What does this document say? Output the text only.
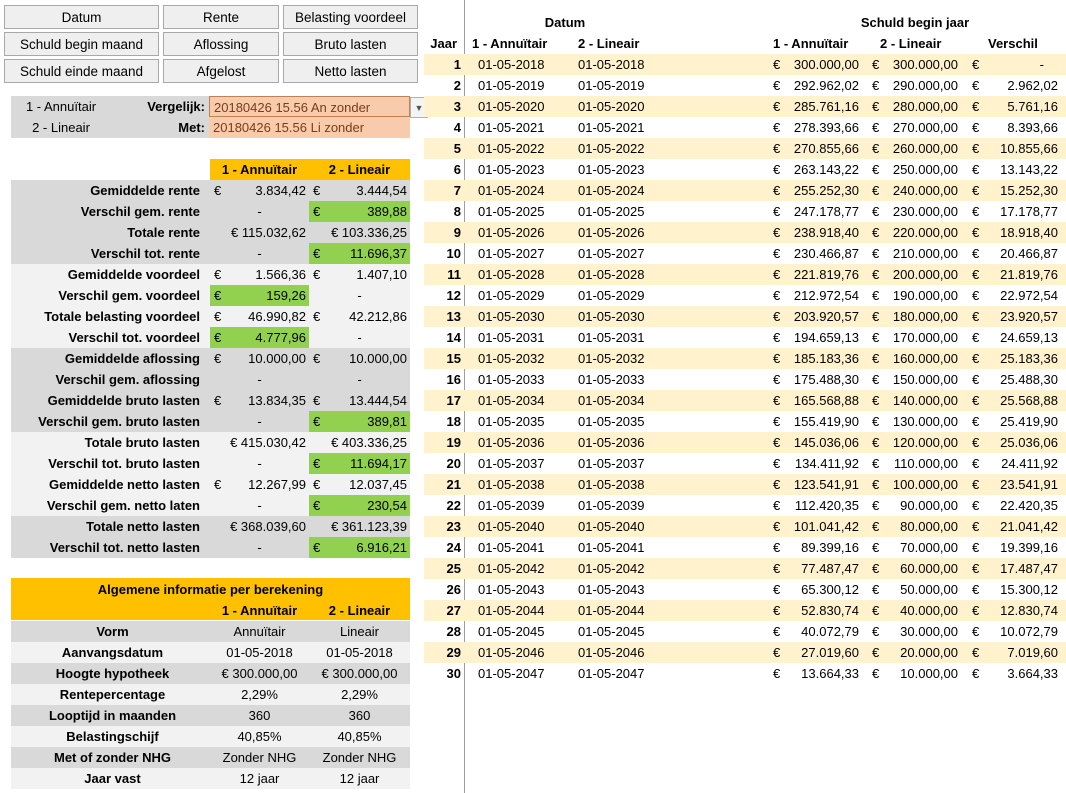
Datum	Rente	Belasting voordeel
Schuld begin maand	Aflossing	Bruto lasten
Schuld einde maand	Afgelost	Netto lasten
1 - Annuïtair
2 - Lineair
Vergelijk:
Met:
20180426 15.56 An zonder	▼
20180426 15.56 Li zonder
1 - Annuïtair	2 - Lineair
Gemiddelde rente	€	3.834,42 €	3.444,54
Verschil gem. rente	-	€	389,88
Totale rente	€ 115.032,62 € 103.336,25
Verschil tot. rente	-	€ 11.696,37
Gemiddelde voordeel	€	1.566,36 €	1.407,10
Verschil gem. voordeel	€	159,26	-
Totale belasting voordeel	€ 46.990,82 € 42.212,86
Verschil tot. voordeel	€	4.777,96	-
Gemiddelde aflossing	€ 10.000,00 € 10.000,00
Verschil gem. aflossing	-	-
Gemiddelde bruto lasten	€ 13.834,35 € 13.444,54
Verschil gem. bruto lasten	-	€	389,81
Totale bruto lasten	€ 415.030,42 € 403.336,25
Verschil tot. bruto lasten	-	€ 11.694,17
Gemiddelde netto lasten	€ 12.267,99 € 12.037,45
Verschil gem. netto laten	-	€	230,54
Totale netto lasten	€ 368.039,60 € 361.123,39
Verschil tot. netto lasten	-	€	6.916,21
Algemene informatie per berekening
1 - Annuïtair	2 - Lineair
Vorm	Annuïtair	Lineair
Aanvangsdatum	01-05-2018	01-05-2018
Hoogte hypotheek	€ 300.000,00	€ 300.000,00
Rentepercentage	2,29%	2,29%
Looptijd in maanden	360	360
Belastingschijf	40,85%	40,85%
Met of zonder NHG	Zonder NHG	Zonder NHG
Jaar vast	12 jaar	12 jaar
Datum	Schuld begin jaar
Jaar 1 - Annuïtair	2 - Lineair	1 - Annuïtair	2 - Lineair	Verschil
1 01-05-2018	01-05-2018	€	300.000,00 €	300.000,00 €	-
2 01-05-2019	01-05-2019	€	292.962,02 €	290.000,00 €	2.962,02
3 01-05-2020	01-05-2020	€	285.761,16 €	280.000,00 €	5.761,16
4 01-05-2021	01-05-2021	€	278.393,66 €	270.000,00 €	8.393,66
5 01-05-2022	01-05-2022	€	270.855,66 €	260.000,00 €	10.855,66
6 01-05-2023	01-05-2023	€	263.143,22 €	250.000,00 €	13.143,22
7 01-05-2024	01-05-2024	€	255.252,30 €	240.000,00 €	15.252,30
8 01-05-2025	01-05-2025	€	247.178,77 €	230.000,00 €	17.178,77
9 01-05-2026	01-05-2026	€	238.918,40 €	220.000,00 €	18.918,40
10 01-05-2027	01-05-2027	€	230.466,87 €	210.000,00 €	20.466,87
11 01-05-2028	01-05-2028	€	221.819,76 €	200.000,00 €	21.819,76
12 01-05-2029	01-05-2029	€	212.972,54 €	190.000,00 €	22.972,54
13 01-05-2030	01-05-2030	€	203.920,57 €	180.000,00 €	23.920,57
14 01-05-2031	01-05-2031	€	194.659,13 €	170.000,00 €	24.659,13
15 01-05-2032	01-05-2032	€	185.183,36 €	160.000,00 €	25.183,36
16 01-05-2033	01-05-2033	€	175.488,30 €	150.000,00 €	25.488,30
17 01-05-2034	01-05-2034	€	165.568,88 €	140.000,00 €	25.568,88
18 01-05-2035	01-05-2035	€	155.419,90 €	130.000,00 €	25.419,90
19 01-05-2036	01-05-2036	€	145.036,06 €	120.000,00 €	25.036,06
20 01-05-2037	01-05-2037	€	134.411,92 €	110.000,00 €	24.411,92
21 01-05-2038	01-05-2038	€	123.541,91 €	100.000,00 €	23.541,91
22 01-05-2039	01-05-2039	€	112.420,35 €	90.000,00 €	22.420,35
23 01-05-2040	01-05-2040	€	101.041,42 €	80.000,00 €	21.041,42
24 01-05-2041	01-05-2041	€	89.399,16 €	70.000,00 €	19.399,16
25 01-05-2042	01-05-2042	€	77.487,47 €	60.000,00 €	17.487,47
26 01-05-2043	01-05-2043	€	65.300,12 €	50.000,00 €	15.300,12
27 01-05-2044	01-05-2044	€	52.830,74 €	40.000,00 €	12.830,74
28 01-05-2045	01-05-2045	€	40.072,79 €	30.000,00 €	10.072,79
29 01-05-2046	01-05-2046	€	27.019,60 €	20.000,00 €	7.019,60
30 01-05-2047	01-05-2047	€	13.664,33 €	10.000,00 €	3.664,33
